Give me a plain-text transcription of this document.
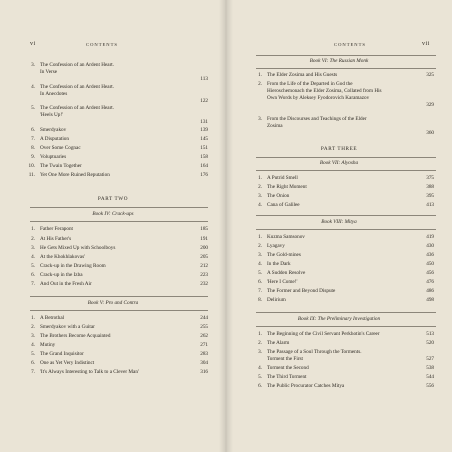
vi	CONTENTS
3. The Confession of an Ardent Heart.
In Verse
113
4. The Confession of an Ardent Heart.
In Anecdotes
122
5. The Confession of an Ardent Heart.
'Heels Up!'
131
6. Smerdyakov	139
7. A Disputation	145
8. Over Some Cognac	151
9. Voluptuaries	158
10. The Twain Together	164
11. Yet One More Ruined Reputation	176
PART TWO
Book IV: Crack-ups
1. Father Ferapont	185
2. At His Father's	191
3. He Gets Mixed Up with Schoolboys	200
4. At the Khokhlakovas'	205
5. Crack-up in the Drawing Room	212
6. Crack-up in the Izba	223
7. And Out in the Fresh Air	232
Book V: Pro and Contra
1. A Betrothal	244
2. Smerdyakov with a Guitar	255
3. The Brothers Become Acquainted	262
4. Mutiny	271
5. The Grand Inquisitor	283
6. One as Yet Very Indistinct	304
7. 'It's Always Interesting to Talk to a Clever Man'	316
CONTENTS	vii
Book VI: The Russian Monk
1. The Elder Zosima and His Guests	325
2. From the Life of the Departed in God the
Hieroschemonach the Elder Zosima, Collated from His
Own Words by Aleksey Fyodorovich Karamazov
329
3. From the Discourses and Teachings of the Elder
Zosima
360
PART THREE
Book VII: Alyosha
1. A Putrid Smell	375
2. The Right Moment	388
3. The Onion	395
4. Cana of Galilee	413
Book VIII: Mitya
1. Kuzma Samsonov	419
2. Lyagavy	430
3. The Gold-mines	436
4. In the Dark	450
5. A Sudden Resolve	456
6. 'Here I Come!'	476
7. The Former and Beyond Dispute	486
8. Delirium	498
Book IX: The Preliminary Investigation
1. The Beginning of the Civil Servant Perkhotin's Career	513
2. The Alarm	520
3. The Passage of a Soul Through the Torments.
Torment the First	527
4. Torment the Second	538
5. The Third Torment	544
6. The Public Procurator Catches Mitya	556
